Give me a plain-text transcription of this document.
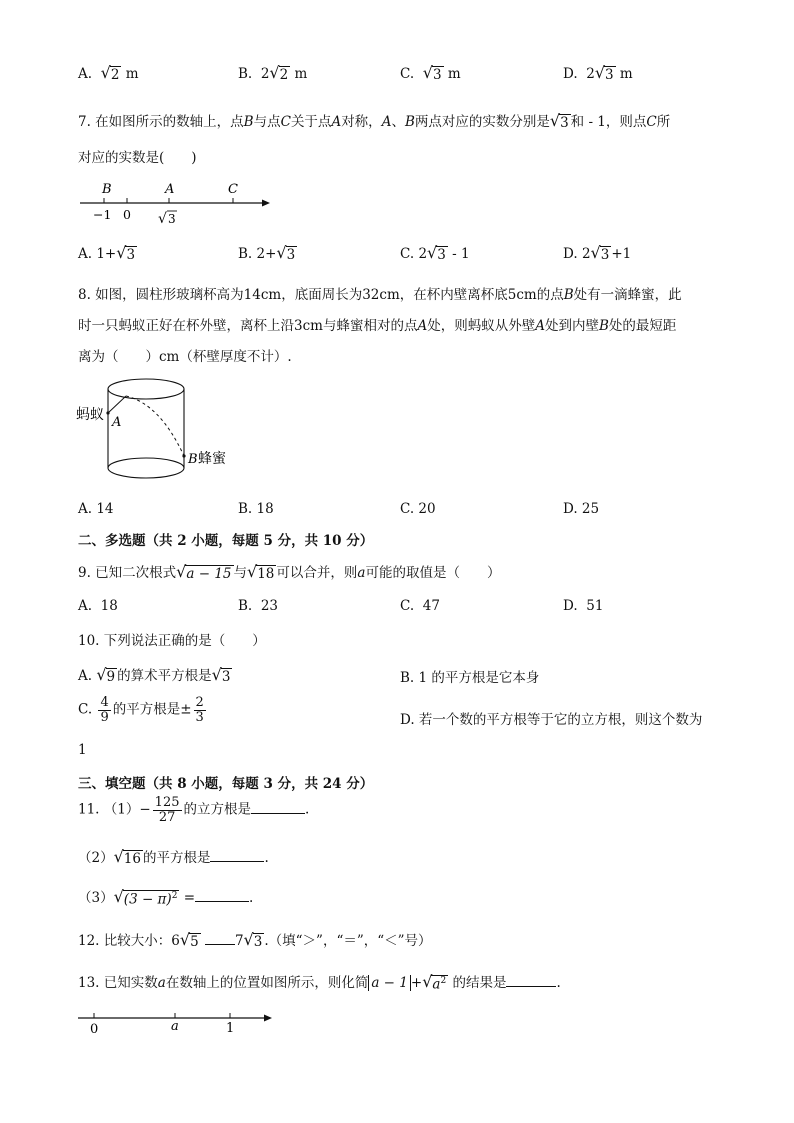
A. √ 2 m	B. 2 √ 2 m	C. √ 3 m	D. 2 √ 3 m
7. 在如图所示的数轴上，点B与点C关于点A对称，A、B两点对应的实数分别是 √ 3 和 - 1，则点C所
对应的实数是(　　)
B	A	C
−1 0 √ 3
A. 1+ √ 3	B. 2+ √ 3	C. 2 √ 3 - 1	D. 2 √ 3 +1
8. 如图，圆柱形玻璃杯高为14cm，底面周长为32cm，在杯内壁离杯底5cm的点B处有一滴蜂蜜，此
时一只蚂蚁正好在杯外壁，离杯上沿3cm与蜂蜜相对的点A处，则蚂蚁从外壁A处到内壁B处的最短距
离为（　　）cm（杯壁厚度不计）.
蚂蚁 A
B 蜂蜜
A. 14	B. 18	C. 20	D. 25
二、多选题（共 2 小题，每题 5 分，共 10 分）
9. 已知二次根式 √ a − 15 与 √ 18 可以合并，则a可能的取值是（　　）
A. 18	B. 23	C. 47	D. 51
10. 下列说法正确的是（　　）
A. √ 9 的算术平方根是 √ 3	B. 1 的平方根是它本身
C. $\frac{4}{9}$ 的平方根是± $\frac{2}{3}$	D. 若一个数的平方根等于它的立方根，则这个数为
1
三、填空题（共 8 小题，每题 3 分，共 24 分）
11. $(1)- \frac{125}{27}$ 的立方根是	.
（2） √ 16 的平方根是	.
（3） √ $(3 - \pi)^2$ =	.
12. 比较大小：6 √ 5	7 √ 3 .（填“＞”，“＝”，“＜”号）
13. 已知实数a在数轴上的位置如图所示，则化简 a − 1 + √ $a^2$ 的结果是	.
0	a	1
